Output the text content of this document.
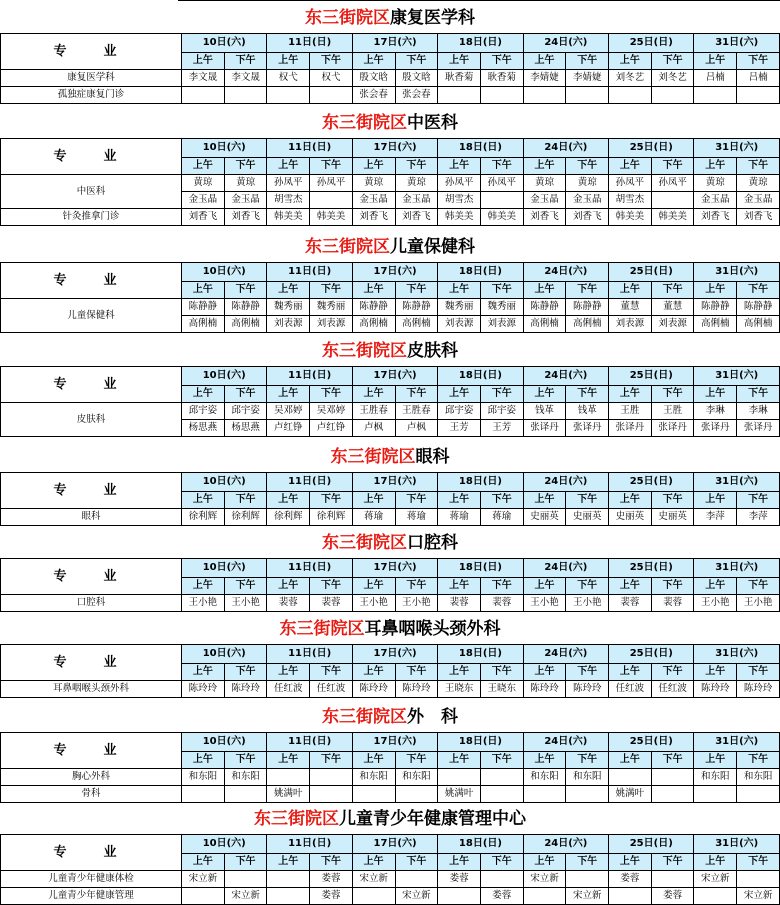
东三街院区康复医学科
专　业	10日(六)		11日(日)		17日(六)		18日(日)		24日(六)		25日(日)		31日(六)	
	上午	下午	上午	下午	上午	下午	上午	下午	上午	下午	上午	下午	上午	下午
康复医学科	李文晟	李文晟	权弋	权弋	殷文晗	殷文晗	耿香菊	耿香菊	李婧婕	李婧婕	刘冬艺	刘冬艺	吕楠	吕楠
孤独症康复门诊					张会春	张会春								
东三街院区中医科
专　业	10日(六)		11日(日)		17日(六)		18日(日)		24日(六)		25日(日)		31日(六)	
	上午	下午	上午	下午	上午	下午	上午	下午	上午	下午	上午	下午	上午	下午
中医科	黄琼	黄琼	孙凤平	孙凤平	黄琼	黄琼	孙凤平	孙凤平	黄琼	黄琼	孙凤平	孙凤平	黄琼	黄琼
	金玉晶	金玉晶	胡雪杰		金玉晶	金玉晶	胡雪杰		金玉晶	金玉晶	胡雪杰		金玉晶	金玉晶
针灸推拿门诊	刘香飞	刘香飞	韩美美	韩美美	刘香飞	刘香飞	韩美美	韩美美	刘香飞	刘香飞	韩美美	韩美美	刘香飞	刘香飞
东三街院区儿童保健科
专　业	10日(六)		11日(日)		17日(六)		18日(日)		24日(六)		25日(日)		31日(六)	
	上午	下午	上午	下午	上午	下午	上午	下午	上午	下午	上午	下午	上午	下午
儿童保健科	陈静静	陈静静	魏秀丽	魏秀丽	陈静静	陈静静	魏秀丽	魏秀丽	陈静静	陈静静	董慧	董慧	陈静静	陈静静
	高俐楠	高俐楠	刘表源	刘表源	高俐楠	高俐楠	刘表源	刘表源	高俐楠	高俐楠	刘表源	刘表源	高俐楠	高俐楠
东三街院区皮肤科
专　业	10日(六)		11日(日)		17日(六)		18日(日)		24日(六)		25日(日)		31日(六)	
	上午	下午	上午	下午	上午	下午	上午	下午	上午	下午	上午	下午	上午	下午
皮肤科	邱宇姿	邱宇姿	吴邓婷	吴邓婷	王胜春	王胜春	邱宇姿	邱宇姿	钱革	钱革	王胜	王胜	李琳	李琳
	杨思燕	杨思燕	卢红铮	卢红铮	卢枫	卢枫	王芳	王芳	张译丹	张译丹	张译丹	张译丹	张译丹	张译丹
东三街院区眼科
专　业	10日(六)		11日(日)		17日(六)		18日(日)		24日(六)		25日(日)		31日(六)	
	上午	下午	上午	下午	上午	下午	上午	下午	上午	下午	上午	下午	上午	下午
眼科	徐利辉	徐利辉	徐利辉	徐利辉	蒋瑜	蒋瑜	蒋瑜	蒋瑜	史丽英	史丽英	史丽英	史丽英	李萍	李萍
东三街院区口腔科
专　业	10日(六)		11日(日)		17日(六)		18日(日)		24日(六)		25日(日)		31日(六)	
	上午	下午	上午	下午	上午	下午	上午	下午	上午	下午	上午	下午	上午	下午
口腔科	王小艳	王小艳	裴蓉	裴蓉	王小艳	王小艳	裴蓉	裴蓉	王小艳	王小艳	裴蓉	裴蓉	王小艳	王小艳
东三街院区耳鼻咽喉头颈外科
专　业	10日(六)		11日(日)		17日(六)		18日(日)		24日(六)		25日(日)		31日(六)	
	上午	下午	上午	下午	上午	下午	上午	下午	上午	下午	上午	下午	上午	下午
耳鼻咽喉头颈外科	陈玲玲	陈玲玲	任红波	任红波	陈玲玲	陈玲玲	王晓东	王晓东	陈玲玲	陈玲玲	任红波	任红波	陈玲玲	陈玲玲
东三街院区外　科
专　业	10日(六)		11日(日)		17日(六)		18日(日)		24日(六)		25日(日)		31日(六)	
	上午	下午	上午	下午	上午	下午	上午	下午	上午	下午	上午	下午	上午	下午
胸心外科	和东阳	和东阳			和东阳	和东阳			和东阳	和东阳			和东阳	和东阳
骨科			姚满叶				姚满叶				姚满叶			
东三街院区儿童青少年健康管理中心
专　业	10日(六)		11日(日)		17日(六)		18日(日)		24日(六)		25日(日)		31日(六)	
	上午	下午	上午	下午	上午	下午	上午	下午	上午	下午	上午	下午	上午	下午
儿童青少年健康体检	宋立新			娄蓉	宋立新		娄蓉		宋立新		娄蓉		宋立新	
儿童青少年健康管理		宋立新		娄蓉		宋立新		娄蓉		宋立新		娄蓉		宋立新
